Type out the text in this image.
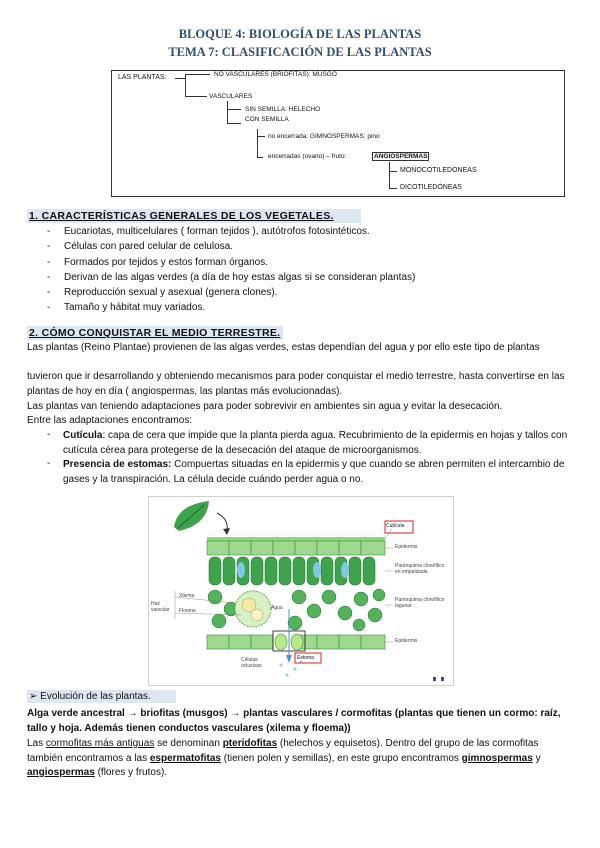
BLOQUE 4: BIOLOGÍA DE LAS PLANTAS
TEMA 7: CLASIFICACIÓN DE LAS PLANTAS
LAS PLANTAS:	NO VASCULARES (BRIOFITAS): MUSGO
VASCULARES
SIN SEMILLA: HELECHO
CON SEMILLA
no encerrada: GIMNOSPERMAS: pino
encerradas (ovario) – fruto:	ANGIOSPERMAS
MONOCOTILEDÓNEAS
DICOTILEDÓNEAS
1. CARACTERÍSTICAS GENERALES DE LOS VEGETALES.
- Eucariotas, multicelulares ( forman tejidos ), autótrofos fotosintéticos.
- Células con pared celular de celulosa.
- Formados por tejidos y estos forman órganos.
- Derivan de las algas verdes (a día de hoy estas algas si se consideran plantas)
- Reproducción sexual y asexual (genera clones).
- Tamaño y hábitat muy variados.
2. CÓMO CONQUISTAR EL MEDIO TERRESTRE.
Las plantas (Reino Plantae) provienen de las algas verdes, estas dependían del agua y por ello este tipo de plantas
tuvieron que ir desarrollando y obteniendo mecanismos para poder conquistar el medio terrestre, hasta convertirse en las plantas de hoy en día ( angiospermas, las plantas más evolucionadas).
Las plantas van teniendo adaptaciones para poder sobrevivir en ambientes sin agua y evitar la desecación.
Entre las adaptaciones encontramos:
- Cutícula: capa de cera que impide que la planta pierda agua. Recubrimiento de la epidermis en hojas y tallos con cutícula cérea para protegerse de la desecación del ataque de microorganismos.
- Presencia de estomas: Compuertas situadas en la epidermis y que cuando se abren permiten el intercambio de gases y la transpiración. La célula decide cuándo perder agua o no.
Cutícula
Epidermis
Parénquima clorofílico en empalizada
Parénquima clorofílico lagunar
Epidermis
Haz vascular
Xilema
Floema	Agua
Células oclusivas
Estoma
➢ Evolución de las plantas.
Alga verde ancestral → briofitas (musgos) → plantas vasculares / cormofitas (plantas que tienen un cormo: raíz, tallo y hoja. Además tienen conductos vasculares (xilema y floema))
Las cormofitas más antiguas se denominan pteridofitas (helechos y equisetos). Dentro del grupo de las cormofitas también encontramos a las espermatofitas (tienen polen y semillas), en este grupo encontramos gimnospermas y angiospermas (flores y frutos).
